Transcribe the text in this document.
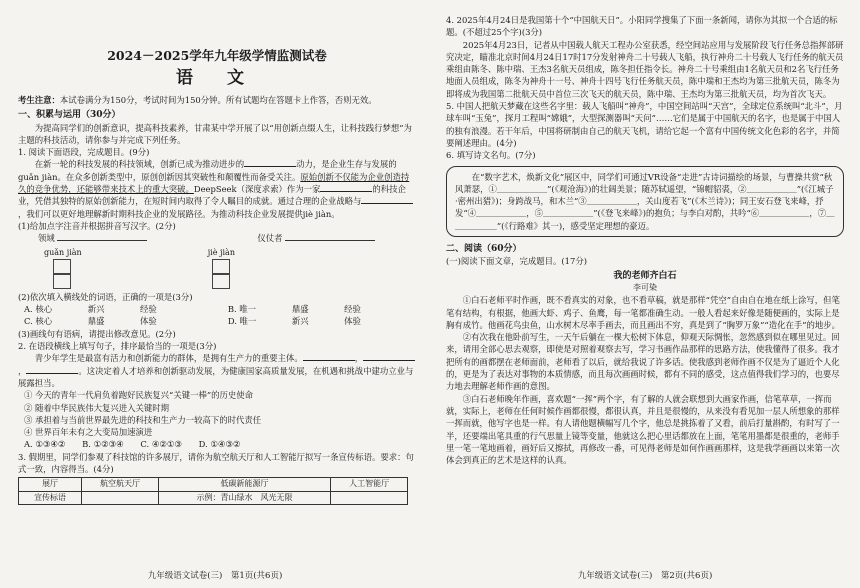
2024－2025学年九年级学情监测试卷
语 文

考生注意：本试卷满分为150分，考试时间为150分钟。所有试题均在答题卡上作答，否则无效。

一、积累与运用（30分）

为提高同学们的创新意识，提高科技素养，甘肃某中学开展了以“用创新点缀人生，让科技践行梦想”为主题的科技活动，请你参与并完成下列任务。

1. 阅读下面语段，完成题目。(9分)

在新一轮的科技发展的科技领域，创新已成为推动进步的	动力，是企业生存与发展的 guǎn jiàn。在众多创新类型中，原创创新因其突破性和颠覆性而备受关注。原始创新不仅能为企业创造持久的竞争优势，还能够带来技术上的重大突破。DeepSeek（深度求索）作为一家	的科技企业，凭借其独特的原始创新能力，在短时间内取得了令人瞩目的成就。通过合理的企业战略与，我们可以更好地理解新时期科技企业的发展路径。为推动科技企业发展提供jiè jiàn。

(1)给加点字注音并根据拼音写汉字。(2分)

领域	仪仗者
guǎn jiàn	jiè jiàn

(2)依次填入横线处的词语，正确的一项是(3分)

A. 核心	新兴	经验	B. 唯一	鼎盛	经验
C. 核心	鼎盛	体验	D. 唯一	新兴	体验

(3)画线句有语病，请提出修改意见。(2分)

2. 在语段横线上填写句子，排序最恰当的一项是(3分)

青少年学生是最富有活力和创新能力的群体，是拥有生产力的重要主体。	，，	。这决定着人才培养和创新驱动发展，为健康国家高质量发展，在机遇和挑战中建功立业与展露担当。

① 今天的青年一代肩负着跑好民族复兴“关键一棒”的历史使命

② 随着中华民族伟大复兴进入关键时期

③ 承担着与当前世界最先进的科技和生产力一较高下的时代责任

④ 世界百年未有之大变局加速演进

A. ①③④②　　B. ①②③④　　C. ④②①③　　D. ①④③②

3. 假期里，同学们参观了科技馆的许多展厅，请你为航空航天厅和人工智能厅拟写一条宣传标语。要求：句式一致，内容得当。(4分)

展厅	航空航天厅	低碳新能源厅	人工智能厅
宣传标语		示例：青山绿水　风光无限	
九年级语文试卷(三)　第1页(共6页)

4. 2025年4月24日是我国第十个“中国航天日”。小阳同学搜集了下面一条新闻，请你为其拟一个合适的标题。(不超过25个字)(3分)

2025年4月23日，记者从中国载人航天工程办公室获悉，经空间站应用与发展阶段飞行任务总指挥部研究决定，瞄准北京时间4月24日17时17分发射神舟二十号载人飞船，执行神舟二十号载人飞行任务的航天员乘组由陈冬、陈中瑞、王杰3名航天员组成，陈冬担任指令长。神舟二十号乘组由1名航天员和2名飞行任务地面人员组成，陈冬为神舟十一号、神舟十四号飞行任务航天员，陈中瑞和王杰均为第三批航天员，陈冬为即将成为我国第二批航天员中首位三次飞天的航天员，陈中瑞、王杰均为第三批航天员，均为首次飞天。

5. 中国人把航天梦藏在这些名字里：载人飞船叫“神舟”，中国空间站叫“天宫”，全球定位系统叫“北斗”，月球车叫“玉兔”，探月工程叫“嫦娥”，大型探测器叫“天问”……它们是属于中国航天的名字，也是属于中国人的独有浪漫。若干年后，中国将研制由自己的航天飞机，请给它起一个富有中国传统文化色彩的名字，并简要阐述理由。(4分)

6. 填写诗文名句。(7分)

在“数字艺术，焕新文化”展区中，同学们可通过VR设备“走进”古诗词描绘的场景，与曹操共赏“秋风萧瑟，①＿＿＿＿＿＿”(《观沧海》)的壮阔美景；随苏轼遥望，“锦帽貂裘，②＿＿＿＿＿＿”(《江城子·密州出猎》)；身跨战马，和木兰“③＿＿＿＿＿＿，关山度若飞”(《木兰诗》)；同王安石登飞来峰，抒发“④＿＿＿＿＿＿，⑤＿＿＿＿＿＿”(《登飞来峰》)的抱负；与李白对酌，共吟“⑥＿＿＿＿＿＿，⑦＿＿＿＿＿＿”(《行路难》其一)，感受坚定理想的豪迈。

二、阅读（60分）

(一)阅读下面文章，完成题目。(17分)

我的老师齐白石
李可染

①白石老师平时作画，既不看真实的对象，也不看草稿，就是那样“凭空”自由自在地在纸上涂写，但笔笔有结构，有根据，他画大虾、鸡子、鱼鹰，每一笔都准确生动。一般人看起来好像是随便画的，实际上是胸有成竹。他画花鸟虫鱼，山水树木尽率手画去，而且画出不穷，真是到了“胸罗万象”“造化在手”的地步。

②有次我在他卧前写生，一天午后躺在一棵大松树下体息，仰观天际惆怅，忽然感到似在哪里见过。回来，请用全部心思去观察，即使是对照着观察去写，学习书画作品那样的思路方法，使我懂得了很多。我才把所有的画都摆在老师面前，老师看了以后，就给我说了许多话。使我感到老师作画不仅是为了逼近个人化的，更是为了表达对事物的本质情感，而且每次画画时候，都有不同的感受，这点值得我们学习的，也要尽力地去理解老师作画的意图。

③白石老师晚年作画，喜欢题“一挥”两个字，有了解的人就会联想到大画家作画，信笔草草，一挥而就，实际上，老师在任何时候作画都很慢，都很认真，并且是很慢的，从来没有看见加一层人所想象的那样一挥而就，他写字也是一样。有人请他题横幅写几个字，他总是挑拣着了又看，前后打量斟酌，有时写了一半，还要端出笔具重的行气思量上镜等变量，他就这么把心里话都放在上面，笔笔用墨都是很重的，老师手里一笔一笔地画着，画好后又擦拭，再修改一番，可见得老师是如何作画画那样，这是我学画画以来第一次体会到真正的艺术是这样的认真。

九年级语文试卷(三)　第2页(共6页)
